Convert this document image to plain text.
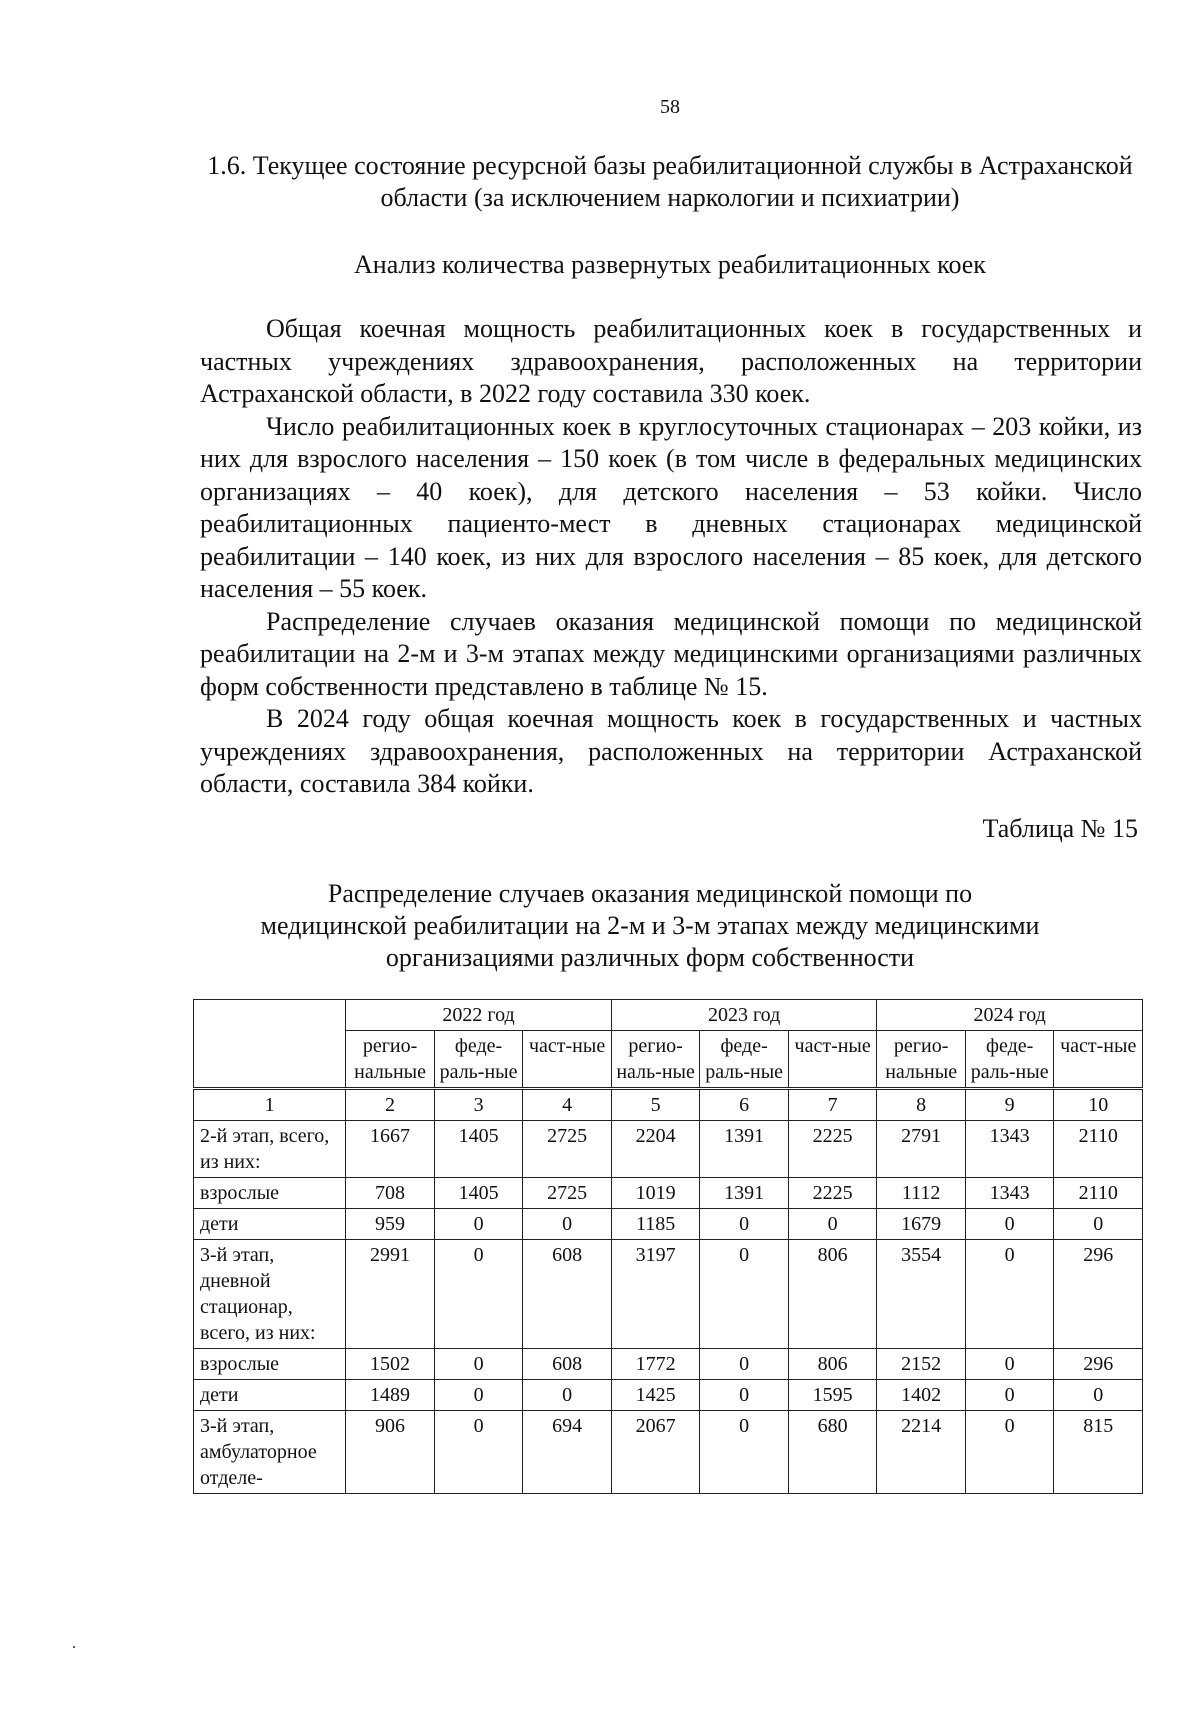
58
1.6. Текущее состояние ресурсной базы реабилитационной службы в Астраханской области (за исключением наркологии и психиатрии)
Анализ количества развернутых реабилитационных коек

Общая коечная мощность реабилитационных коек в государственных и частных учреждениях здравоохранения, расположенных на территории Астраханской области, в 2022 году составила 330 коек.

Число реабилитационных коек в круглосуточных стационарах – 203 койки, из них для взрослого населения – 150 коек (в том числе в федеральных медицинских организациях – 40 коек), для детского населения – 53 койки. Число реабилитационных пациенто-мест в дневных стационарах медицинской реабилитации – 140 коек, из них для взрослого населения – 85 коек, для детского населения – 55 коек.

Распределение случаев оказания медицинской помощи по медицинской реабилитации на 2-м и 3-м этапах между медицинскими организациями различных форм собственности представлено в таблице № 15.

В 2024 году общая коечная мощность коек в государственных и частных учреждениях здравоохранения, расположенных на территории Астраханской области, составила 384 койки.

Таблица № 15
Распределение случаев оказания медицинской помощи по медицинской реабилитации на 2-м и 3-м этапах между медицинскими организациями различных форм собственности
	2022 год			2023 год			2024 год		
	регио-нальные	феде-раль-ные	част-ные	регио-наль-ные	феде-раль-ные	част-ные	регио-нальные	феде-раль-ные	част-ные
1	2	3	4	5	6	7	8	9	10
2-й этап, всего, из них:	1667	1405	2725	2204	1391	2225	2791	1343	2110
взрослые	708	1405	2725	1019	1391	2225	1112	1343	2110
дети	959	0	0	1185	0	0	1679	0	0
3-й этап, дневной стационар, всего, из них:	2991	0	608	3197	0	806	3554	0	296
взрослые	1502	0	608	1772	0	806	2152	0	296
дети	1489	0	0	1425	0	1595	1402	0	0
3-й этап, амбулаторное отделе-	906	0	694	2067	0	680	2214	0	815
.
